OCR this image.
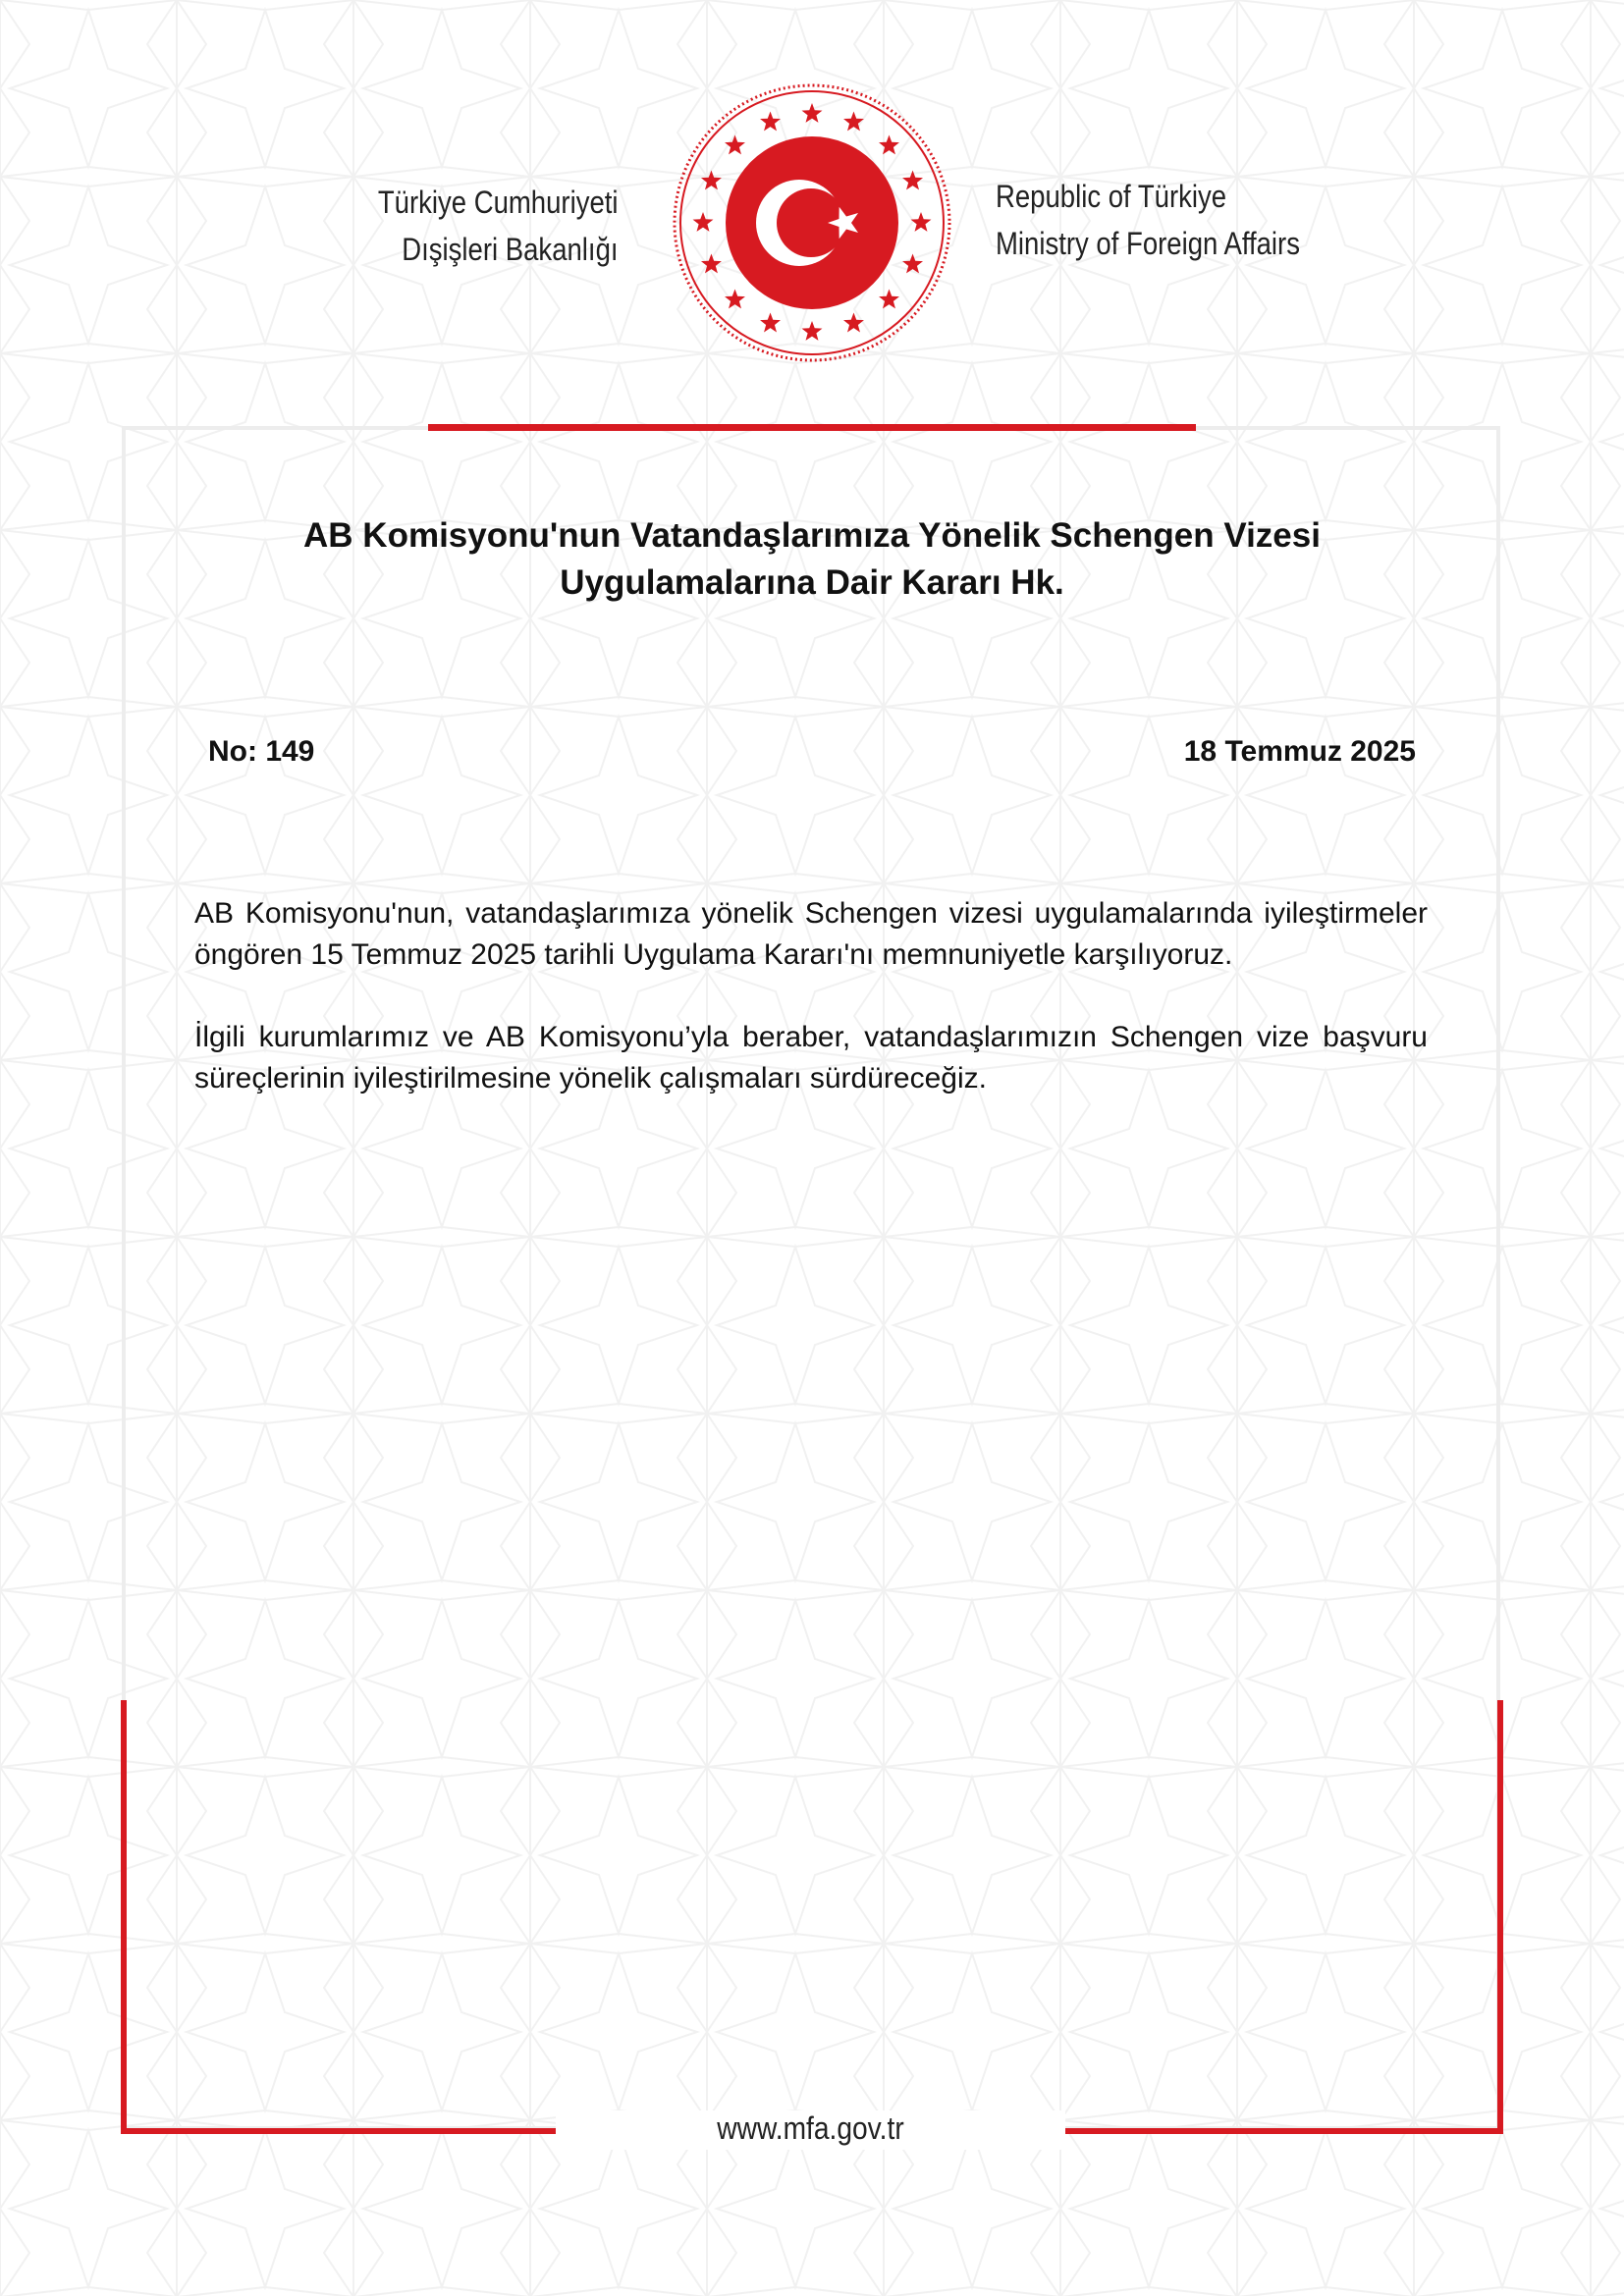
Türkiye Cumhuriyeti
Dışişleri Bakanlığı
Republic of Türkiye
Ministry of Foreign Affairs
www.mfa.gov.tr
AB Komisyonu'nun Vatandaşlarımıza Yönelik Schengen Vizesi
Uygulamalarına Dair Kararı Hk.
No: 149	18 Temmuz 2025

AB Komisyonu'nun, vatandaşlarımıza yönelik Schengen vizesi uygulamalarında iyileştirmeler öngören 15 Temmuz 2025 tarihli Uygulama Kararı'nı memnuniyetle karşılıyoruz.

İlgili kurumlarımız ve AB Komisyonu’yla beraber, vatandaşlarımızın Schengen vize başvuru süreçlerinin iyileştirilmesine yönelik çalışmaları sürdüreceğiz.
